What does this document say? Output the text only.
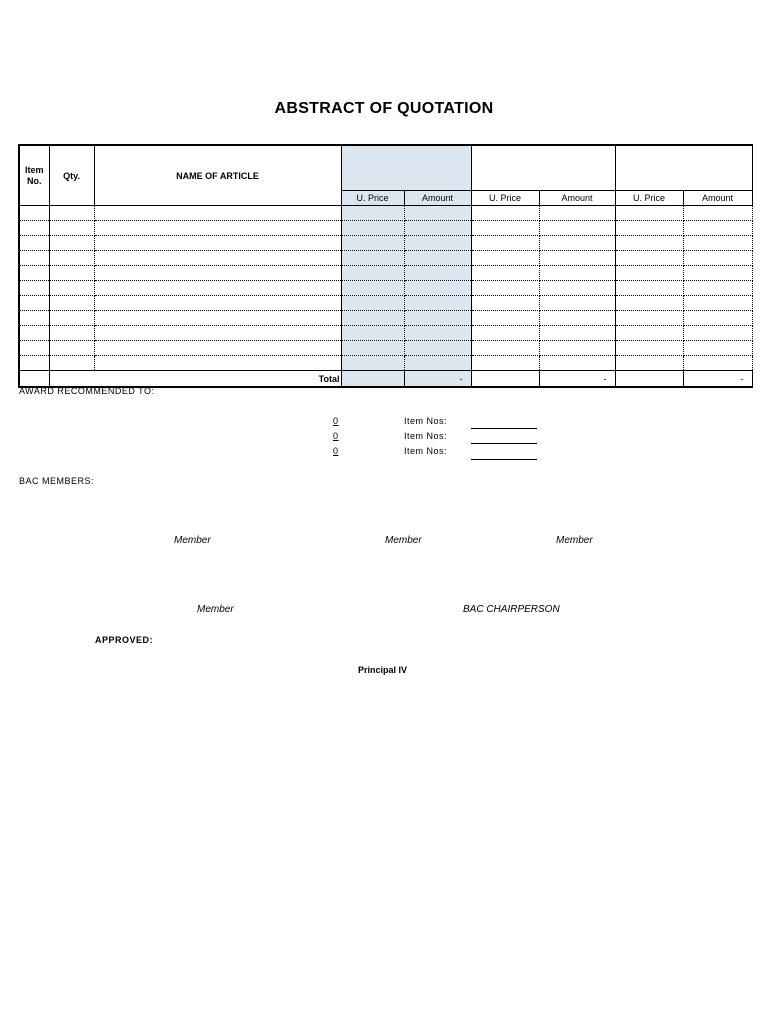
ABSTRACT OF QUOTATION
Item No.	Qty.	NAME OF ARTICLE						
			U. Price	Amount	U. Price	Amount	U. Price	Amount

		Total		-		-		-
AWARD RECOMMENDED TO:
0	Item Nos:
0	Item Nos:
0	Item Nos:
BAC MEMBERS:
Member	Member	Member
Member	BAC CHAIRPERSON
APPROVED:
Principal IV
